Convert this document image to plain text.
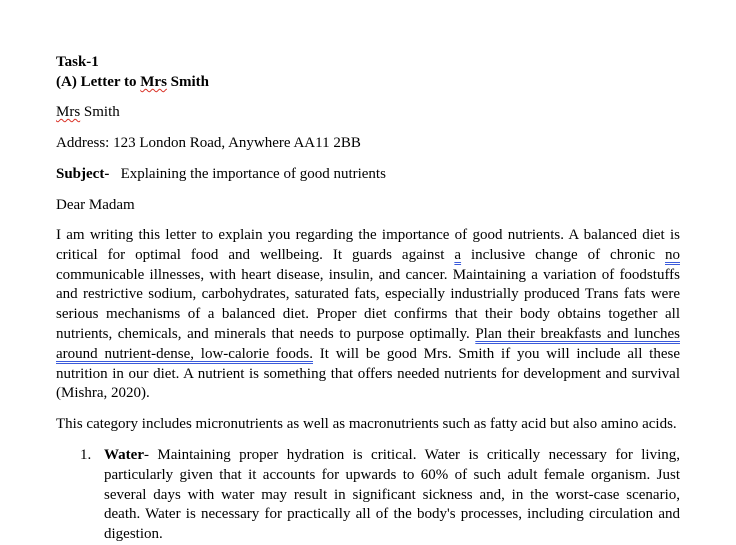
Task-1

(A) Letter to Mrs Smith

Mrs Smith

Address: 123 London Road, Anywhere AA11 2BB

Subject-   Explaining the importance of good nutrients

Dear Madam

I am writing this letter to explain you regarding the importance of good nutrients. A balanced diet is critical for optimal food and wellbeing. It guards against a inclusive change of chronic no communicable illnesses, with heart disease, insulin, and cancer. Maintaining a variation of foodstuffs and restrictive sodium, carbohydrates, saturated fats, especially industrially produced Trans fats were serious mechanisms of a balanced diet. Proper diet confirms that their body obtains together all nutrients, chemicals, and minerals that needs to purpose optimally. Plan their breakfasts and lunches around nutrient-dense, low-calorie foods. It will be good Mrs. Smith if you will include all these nutrition in our diet. A nutrient is something that offers needed nutrients for development and survival (Mishra, 2020).

This category includes micronutrients as well as macronutrients such as fatty acid but also amino acids.

1. Water- Maintaining proper hydration is critical. Water is critically necessary for living, particularly given that it accounts for upwards to 60% of such adult female organism. Just several days with water may result in significant sickness and, in the worst-case scenario, death. Water is necessary for practically all of the body's processes, including circulation and digestion.
